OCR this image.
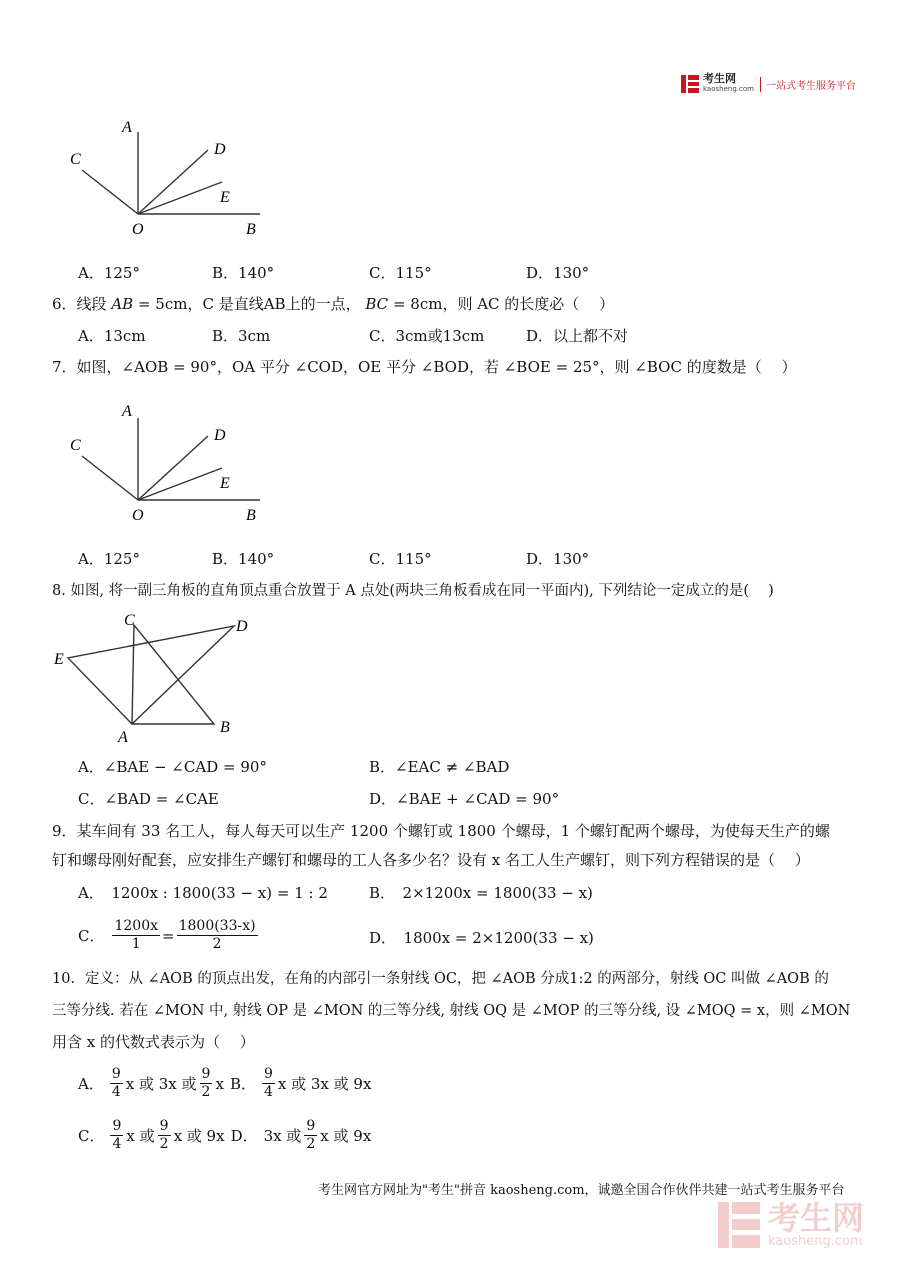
考生网
kaosheng.com	一站式考生服务平台
A
C
D
E
O	B
A．125°	B．140°	C．115°	D．130°
6．线段 AB = 5cm，C 是直线AB上的一点， BC = 8cm，则 AC 的长度必（　 ）
A．13cm	B．3cm	C．3cm或13cm	D．以上都不对
7．如图，∠AOB = 90°，OA 平分 ∠COD，OE 平分 ∠BOD，若 ∠BOE = 25°，则 ∠BOC 的度数是（　 ）
A
C
D
E
O	B
A．125°	B．140°	C．115°	D．130°
8. 如图, 将一副三角板的直角顶点重合放置于 A 点处(两块三角板看成在同一平面内), 下列结论一定成立的是(　 )
C	D
E
A
B
A．∠BAE − ∠CAD = 90°	B．∠EAC ≠ ∠BAD
C．∠BAD = ∠CAE	D．∠BAE + ∠CAD = 90°
9．某车间有 33 名工人，每人每天可以生产 1200 个螺钉或 1800 个螺母，1 个螺钉配两个螺母，为使每天生产的螺
钉和螺母刚好配套，应安排生产螺钉和螺母的工人各多少名？设有 x 名工人生产螺钉，则下列方程错误的是（　 ）
A．　1200x : 1800(33 − x) = 1 : 2	B．　2×1200x = 1800(33 − x)
C． $\frac{1200x}{1} = \frac{1800(33-x)}{2}$	D．　1800x = 2×1200(33 − x)
10．定义：从 ∠AOB 的顶点出发，在角的内部引一条射线 OC，把 ∠AOB 分成1:2 的两部分，射线 OC 叫做 ∠AOB 的
三等分线. 若在 ∠MON 中, 射线 OP 是 ∠MON 的三等分线, 射线 OQ 是 ∠MOP 的三等分线, 设 ∠MOQ = x，则 ∠MON
用含 x 的代数式表示为（　 ）
A． $\frac{9}{4}$ x 或 3x 或 $\frac{9}{2}$ x B． $\frac{9}{4}$ x 或 3x 或 9x
C． $\frac{9}{4}$ x 或 $\frac{9}{2}$ x 或 9x D． 3x 或 $\frac{9}{2}$ x 或 9x
考生网官方网址为"考生"拼音 kaosheng.com，诚邀全国合作伙伴共建一站式考生服务平台
考生网
kaosheng.com
